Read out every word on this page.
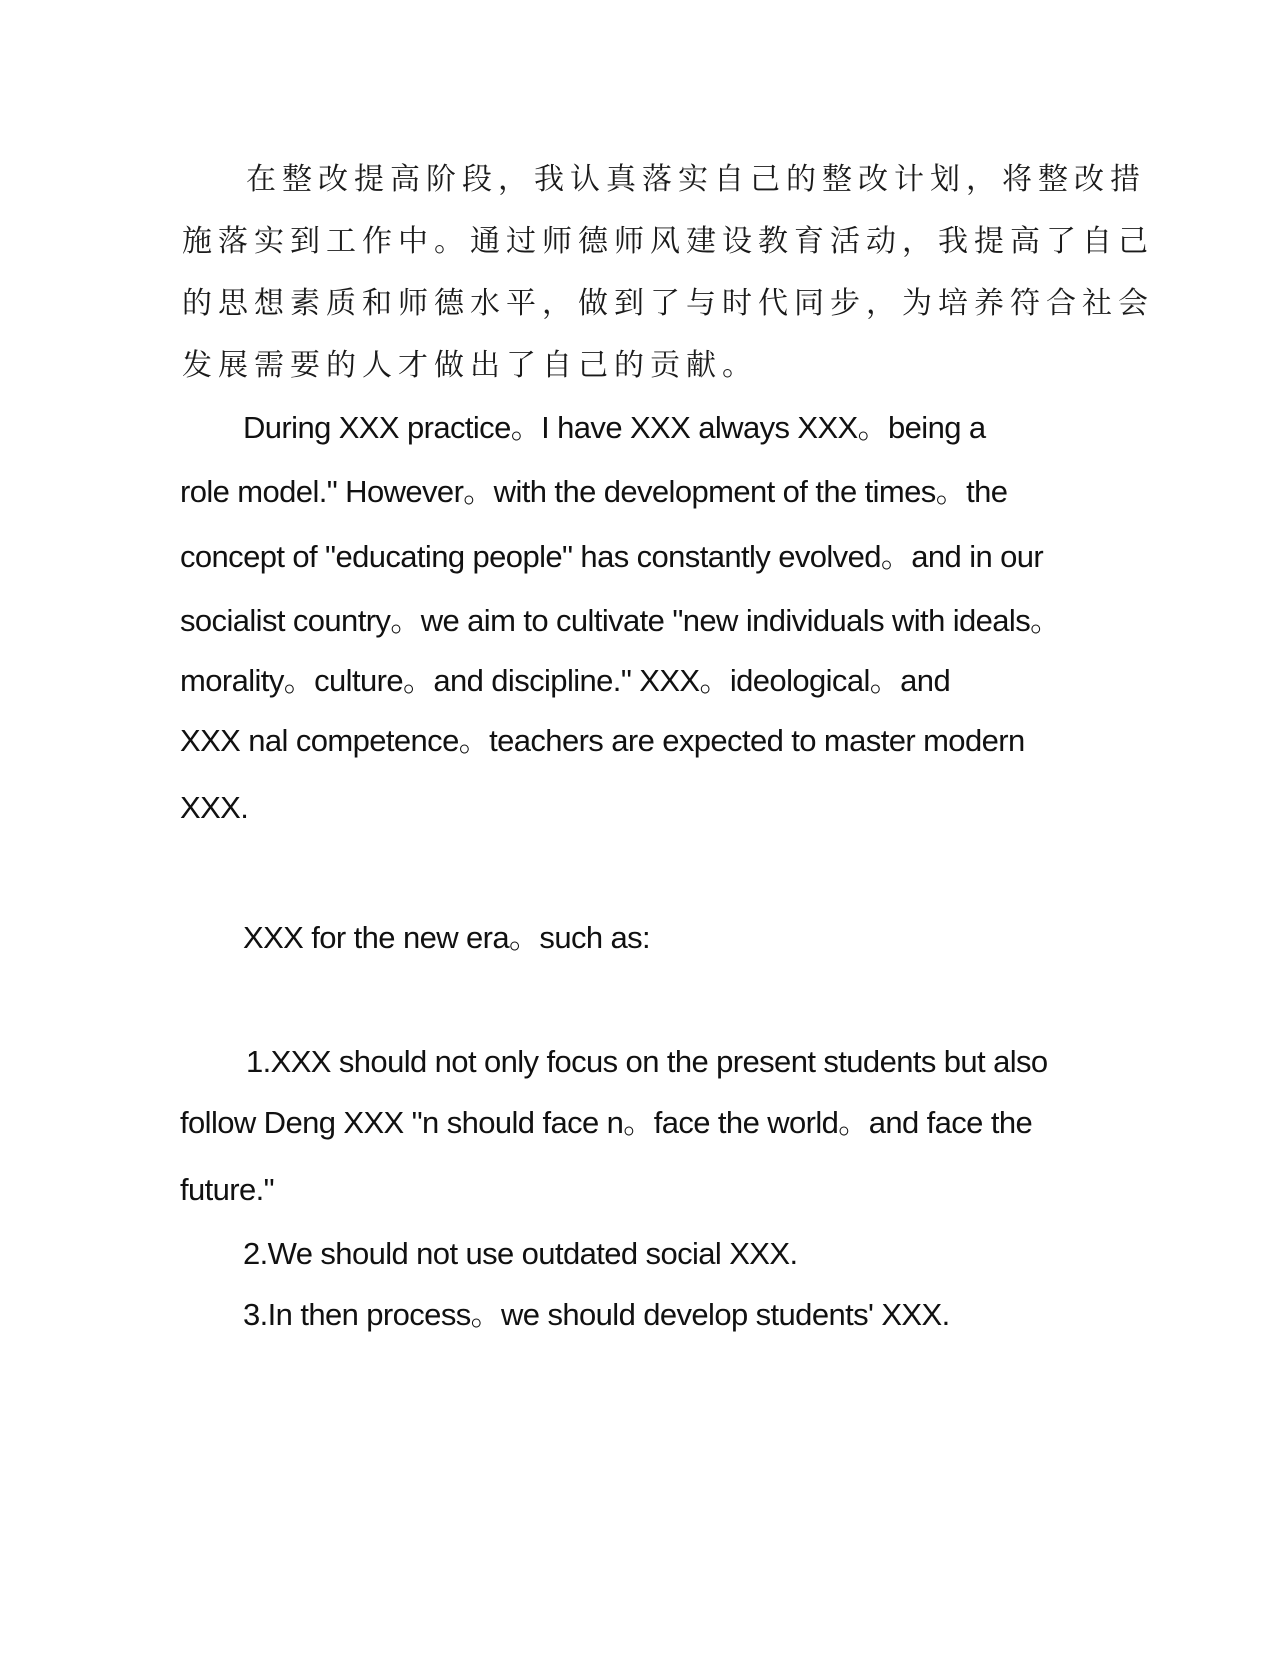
在整改提高阶段，我认真落实自己的整改计划，将整改措

施落实到工作中。通过师德师风建设教育活动，我提高了自己

的思想素质和师德水平，做到了与时代同步，为培养符合社会

发展需要的人才做出了自己的贡献。

During XXX practice。I have XXX always XXX。being a

role model." However。with the development of the times。the

concept of "educating people" has constantly evolved。and in our

socialist country。we aim to cultivate "new individuals with ideals。

morality。culture。and discipline." XXX。ideological。and

XXX nal competence。teachers are expected to master modern

XXX.

XXX for the new era。such as:

1.XXX should not only focus on the present students but also

follow Deng XXX "n should face n。face the world。and face the

future."

2.We should not use outdated social XXX.

3.In then process。we should develop students' XXX.
